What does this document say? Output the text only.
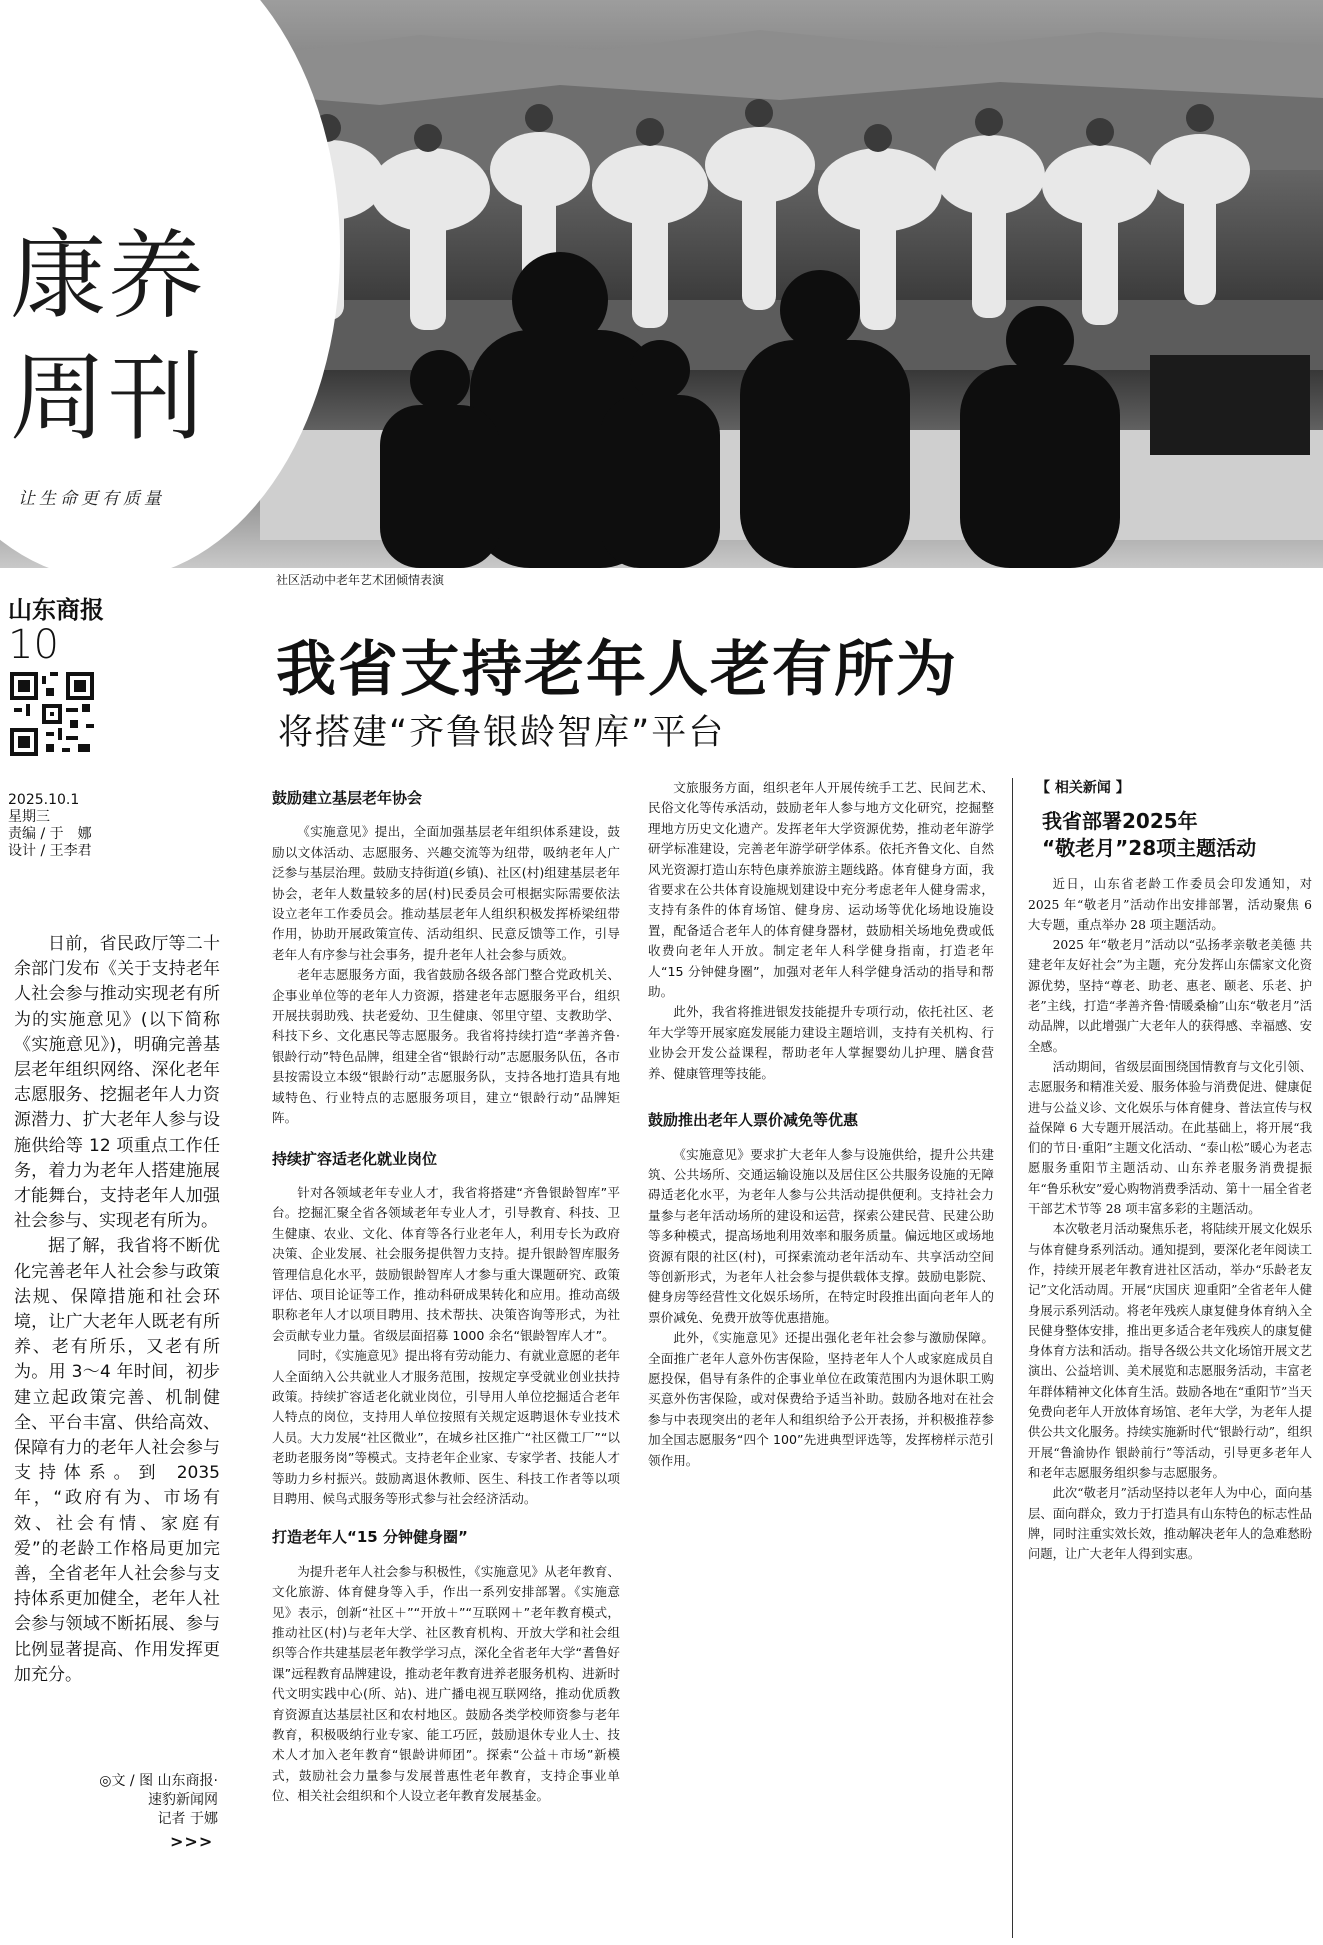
康养
周刊
让生命更有质量
社区活动中老年艺术团倾情表演
山东商报
10
2025.10.1
星期三
责编 / 于　娜
设计 / 王李君

日前，省民政厅等二十余部门发布《关于支持老年人社会参与推动实现老有所为的实施意见》(以下简称《实施意见》)，明确完善基层老年组织网络、深化老年志愿服务、挖掘老年人力资源潜力、扩大老年人参与设施供给等 12 项重点工作任务，着力为老年人搭建施展才能舞台，支持老年人加强社会参与、实现老有所为。

据了解，我省将不断优化完善老年人社会参与政策法规、保障措施和社会环境，让广大老年人既老有所养、老有所乐，又老有所为。用 3～4 年时间，初步建立起政策完善、机制健全、平台丰富、供给高效、保障有力的老年人社会参与支持体系。到 2035 年，“政府有为、市场有效、社会有情、家庭有爱”的老龄工作格局更加完善，全省老年人社会参与支持体系更加健全，老年人社会参与领域不断拓展、参与比例显著提高、作用发挥更加充分。

◎文 / 图 山东商报·
速豹新闻网
记者 于娜
>>>
我省支持老年人老有所为
将搭建“齐鲁银龄智库”平台
鼓励建立基层老年协会

《实施意见》提出，全面加强基层老年组织体系建设，鼓励以文体活动、志愿服务、兴趣交流等为纽带，吸纳老年人广泛参与基层治理。鼓励支持街道(乡镇)、社区(村)组建基层老年协会，老年人数量较多的居(村)民委员会可根据实际需要依法设立老年工作委员会。推动基层老年人组织积极发挥桥梁纽带作用，协助开展政策宣传、活动组织、民意反馈等工作，引导老年人有序参与社会事务，提升老年人社会参与质效。

老年志愿服务方面，我省鼓励各级各部门整合党政机关、企事业单位等的老年人力资源，搭建老年志愿服务平台，组织开展扶弱助残、扶老爱幼、卫生健康、邻里守望、支教助学、科技下乡、文化惠民等志愿服务。我省将持续打造“孝善齐鲁·银龄行动”特色品牌，组建全省“银龄行动”志愿服务队伍，各市县按需设立本级“银龄行动”志愿服务队，支持各地打造具有地域特色、行业特点的志愿服务项目，建立“银龄行动”品牌矩阵。

持续扩容适老化就业岗位

针对各领域老年专业人才，我省将搭建“齐鲁银龄智库”平台。挖掘汇聚全省各领域老年专业人才，引导教育、科技、卫生健康、农业、文化、体育等各行业老年人，利用专长为政府决策、企业发展、社会服务提供智力支持。提升银龄智库服务管理信息化水平，鼓励银龄智库人才参与重大课题研究、政策评估、项目论证等工作，推动科研成果转化和应用。推动高级职称老年人才以项目聘用、技术帮扶、决策咨询等形式，为社会贡献专业力量。省级层面招募 1000 余名“银龄智库人才”。

同时，《实施意见》提出将有劳动能力、有就业意愿的老年人全面纳入公共就业人才服务范围，按规定享受就业创业扶持政策。持续扩容适老化就业岗位，引导用人单位挖掘适合老年人特点的岗位，支持用人单位按照有关规定返聘退休专业技术人员。大力发展“社区微业”，在城乡社区推广“社区微工厂”“以老助老服务岗”等模式。支持老年企业家、专家学者、技能人才等助力乡村振兴。鼓励离退休教师、医生、科技工作者等以项目聘用、候鸟式服务等形式参与社会经济活动。

打造老年人“15 分钟健身圈”

为提升老年人社会参与积极性，《实施意见》从老年教育、文化旅游、体育健身等入手，作出一系列安排部署。《实施意见》表示，创新“社区＋”“开放＋”“互联网＋”老年教育模式，推动社区(村)与老年大学、社区教育机构、开放大学和社会组织等合作共建基层老年教学学习点，深化全省老年大学“耆鲁好课”远程教育品牌建设，推动老年教育进养老服务机构、进新时代文明实践中心(所、站)、进广播电视互联网络，推动优质教育资源直达基层社区和农村地区。鼓励各类学校师资参与老年教育，积极吸纳行业专家、能工巧匠，鼓励退休专业人士、技术人才加入老年教育“银龄讲师团”。探索“公益＋市场”新模式，鼓励社会力量参与发展普惠性老年教育，支持企事业单位、相关社会组织和个人设立老年教育发展基金。

文旅服务方面，组织老年人开展传统手工艺、民间艺术、民俗文化等传承活动，鼓励老年人参与地方文化研究，挖掘整理地方历史文化遗产。发挥老年大学资源优势，推动老年游学研学标准建设，完善老年游学研学体系。依托齐鲁文化、自然风光资源打造山东特色康养旅游主题线路。体育健身方面，我省要求在公共体育设施规划建设中充分考虑老年人健身需求，支持有条件的体育场馆、健身房、运动场等优化场地设施设置，配备适合老年人的体育健身器材，鼓励相关场地免费或低收费向老年人开放。制定老年人科学健身指南，打造老年人“15 分钟健身圈”，加强对老年人科学健身活动的指导和帮助。

此外，我省将推进银发技能提升专项行动，依托社区、老年大学等开展家庭发展能力建设主题培训，支持有关机构、行业协会开发公益课程，帮助老年人掌握婴幼儿护理、膳食营养、健康管理等技能。

鼓励推出老年人票价减免等优惠

《实施意见》要求扩大老年人参与设施供给，提升公共建筑、公共场所、交通运输设施以及居住区公共服务设施的无障碍适老化水平，为老年人参与公共活动提供便利。支持社会力量参与老年活动场所的建设和运营，探索公建民营、民建公助等多种模式，提高场地利用效率和服务质量。偏远地区或场地资源有限的社区(村)，可探索流动老年活动车、共享活动空间等创新形式，为老年人社会参与提供载体支撑。鼓励电影院、健身房等经营性文化娱乐场所，在特定时段推出面向老年人的票价减免、免费开放等优惠措施。

此外，《实施意见》还提出强化老年社会参与激励保障。全面推广老年人意外伤害保险，坚持老年人个人或家庭成员自愿投保，倡导有条件的企事业单位在政策范围内为退休职工购买意外伤害保险，或对保费给予适当补助。鼓励各地对在社会参与中表现突出的老年人和组织给予公开表扬，并积极推荐参加全国志愿服务“四个 100”先进典型评选等，发挥榜样示范引领作用。

【 相关新闻 】
我省部署2025年
“敬老月”28项主题活动

近日，山东省老龄工作委员会印发通知，对 2025 年“敬老月”活动作出安排部署，活动聚焦 6 大专题，重点举办 28 项主题活动。

2025 年“敬老月”活动以“弘扬孝亲敬老美德 共建老年友好社会”为主题，充分发挥山东儒家文化资源优势，坚持“尊老、助老、惠老、颐老、乐老、护老”主线，打造“孝善齐鲁·情暖桑榆”山东“敬老月”活动品牌，以此增强广大老年人的获得感、幸福感、安全感。

活动期间，省级层面围绕国情教育与文化引领、志愿服务和精准关爱、服务体验与消费促进、健康促进与公益义诊、文化娱乐与体育健身、普法宣传与权益保障 6 大专题开展活动。在此基础上，将开展“我们的节日·重阳”主题文化活动、“泰山松”暖心为老志愿服务重阳节主题活动、山东养老服务消费提振年“鲁乐秋安”爱心购物消费季活动、第十一届全省老干部艺术节等 28 项丰富多彩的主题活动。

本次敬老月活动聚焦乐老，将陆续开展文化娱乐与体育健身系列活动。通知提到，要深化老年阅读工作，持续开展老年教育进社区活动，举办“乐龄老友记”文化活动周。开展“庆国庆 迎重阳”全省老年人健身展示系列活动。将老年残疾人康复健身体育纳入全民健身整体安排，推出更多适合老年残疾人的康复健身体育方法和活动。指导各级公共文化场馆开展文艺演出、公益培训、美术展览和志愿服务活动，丰富老年群体精神文化体育生活。鼓励各地在“重阳节”当天免费向老年人开放体育场馆、老年大学，为老年人提供公共文化服务。持续实施新时代“银龄行动”，组织开展“鲁渝协作 银龄前行”等活动，引导更多老年人和老年志愿服务组织参与志愿服务。

此次“敬老月”活动坚持以老年人为中心，面向基层、面向群众，致力于打造具有山东特色的标志性品牌，同时注重实效长效，推动解决老年人的急难愁盼问题，让广大老年人得到实惠。
